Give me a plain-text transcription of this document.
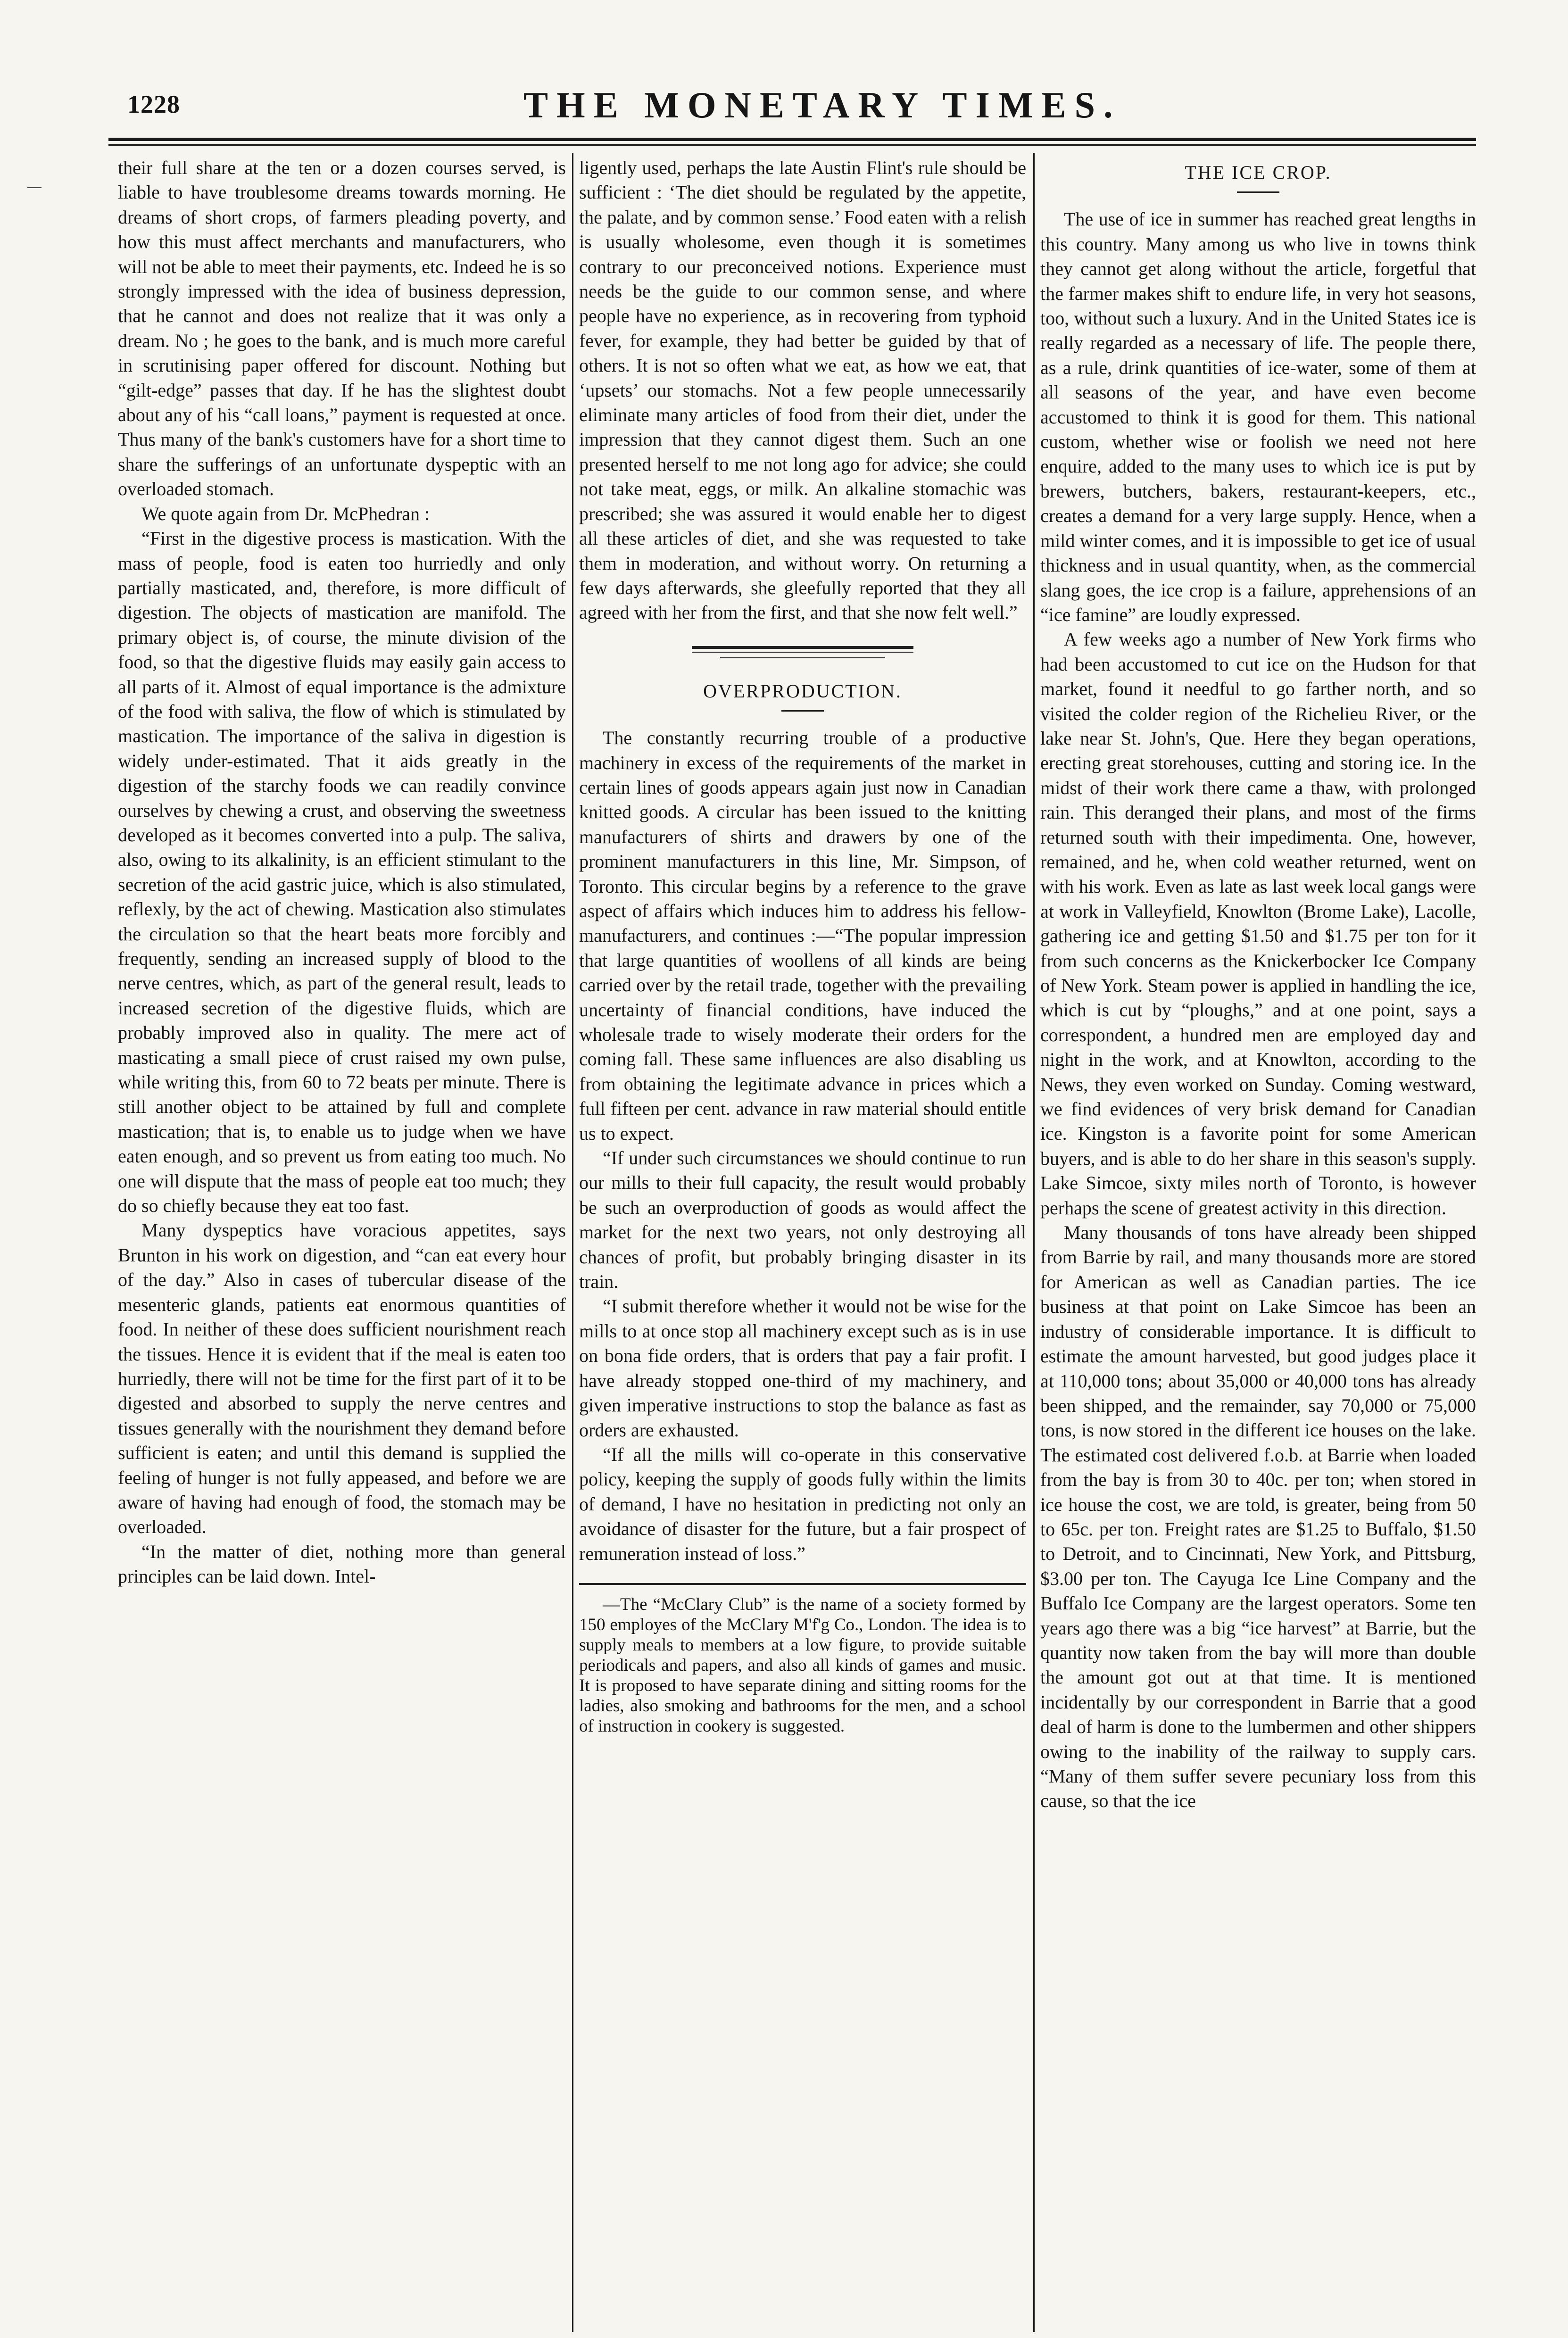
1228	THE MONETARY TIMES.

their full share at the ten or a dozen courses served, is liable to have troublesome dreams towards morning. He dreams of short crops, of farmers pleading poverty, and how this must affect merchants and manufacturers, who will not be able to meet their payments, etc. Indeed he is so strongly impressed with the idea of business depression, that he cannot and does not realize that it was only a dream. No ; he goes to the bank, and is much more careful in scrutinising paper offered for discount. Nothing but “gilt-edge” passes that day. If he has the slightest doubt about any of his “call loans,” payment is requested at once. Thus many of the bank's customers have for a short time to share the sufferings of an unfortunate dyspeptic with an overloaded stomach.

We quote again from Dr. McPhedran :

“First in the digestive process is mastication. With the mass of people, food is eaten too hurriedly and only partially masticated, and, therefore, is more difficult of digestion. The objects of mastication are manifold. The primary object is, of course, the minute division of the food, so that the digestive fluids may easily gain access to all parts of it. Almost of equal importance is the admixture of the food with saliva, the flow of which is stimulated by mastication. The importance of the saliva in digestion is widely under-estimated. That it aids greatly in the digestion of the starchy foods we can readily convince ourselves by chewing a crust, and observing the sweetness developed as it becomes converted into a pulp. The saliva, also, owing to its alkalinity, is an efficient stimulant to the secretion of the acid gastric juice, which is also stimulated, reflexly, by the act of chewing. Mastication also stimulates the circulation so that the heart beats more forcibly and frequently, sending an increased supply of blood to the nerve centres, which, as part of the general result, leads to increased secretion of the digestive fluids, which are probably improved also in quality. The mere act of masticating a small piece of crust raised my own pulse, while writing this, from 60 to 72 beats per minute. There is still another object to be attained by full and complete mastication; that is, to enable us to judge when we have eaten enough, and so prevent us from eating too much. No one will dispute that the mass of people eat too much; they do so chiefly because they eat too fast.

Many dyspeptics have voracious appetites, says Brunton in his work on digestion, and “can eat every hour of the day.” Also in cases of tubercular disease of the mesenteric glands, patients eat enormous quantities of food. In neither of these does sufficient nourishment reach the tissues. Hence it is evident that if the meal is eaten too hurriedly, there will not be time for the first part of it to be digested and absorbed to supply the nerve centres and tissues generally with the nourishment they demand before sufficient is eaten; and until this demand is supplied the feeling of hunger is not fully appeased, and before we are aware of having had enough of food, the stomach may be overloaded.

“In the matter of diet, nothing more than general principles can be laid down. Intel-

ligently used, perhaps the late Austin Flint's rule should be sufficient : ‘The diet should be regulated by the appetite, the palate, and by common sense.’ Food eaten with a relish is usually wholesome, even though it is sometimes contrary to our preconceived notions. Experience must needs be the guide to our common sense, and where people have no experience, as in recovering from typhoid fever, for example, they had better be guided by that of others. It is not so often what we eat, as how we eat, that ‘upsets’ our stomachs. Not a few people unnecessarily eliminate many articles of food from their diet, under the impression that they cannot digest them. Such an one presented herself to me not long ago for advice; she could not take meat, eggs, or milk. An alkaline stomachic was prescribed; she was assured it would enable her to digest all these articles of diet, and she was requested to take them in moderation, and without worry. On returning a few days afterwards, she gleefully reported that they all agreed with her from the first, and that she now felt well.”

OVERPRODUCTION.

The constantly recurring trouble of a productive machinery in excess of the requirements of the market in certain lines of goods appears again just now in Canadian knitted goods. A circular has been issued to the knitting manufacturers of shirts and drawers by one of the prominent manufacturers in this line, Mr. Simpson, of Toronto. This circular begins by a reference to the grave aspect of affairs which induces him to address his fellow-manufacturers, and continues :—“The popular impression that large quantities of woollens of all kinds are being carried over by the retail trade, together with the prevailing uncertainty of financial conditions, have induced the wholesale trade to wisely moderate their orders for the coming fall. These same influences are also disabling us from obtaining the legitimate advance in prices which a full fifteen per cent. advance in raw material should entitle us to expect.

“If under such circumstances we should continue to run our mills to their full capacity, the result would probably be such an overproduction of goods as would affect the market for the next two years, not only destroying all chances of profit, but probably bringing disaster in its train.

“I submit therefore whether it would not be wise for the mills to at once stop all machinery except such as is in use on bona fide orders, that is orders that pay a fair profit. I have already stopped one-third of my machinery, and given imperative instructions to stop the balance as fast as orders are exhausted.

“If all the mills will co-operate in this conservative policy, keeping the supply of goods fully within the limits of demand, I have no hesitation in predicting not only an avoidance of disaster for the future, but a fair prospect of remuneration instead of loss.”

—The “McClary Club” is the name of a society formed by 150 employes of the McClary M'f'g Co., London. The idea is to supply meals to members at a low figure, to provide suitable periodicals and papers, and also all kinds of games and music. It is proposed to have separate dining and sitting rooms for the ladies, also smoking and bathrooms for the men, and a school of instruction in cookery is suggested.

THE ICE CROP.

The use of ice in summer has reached great lengths in this country. Many among us who live in towns think they cannot get along without the article, forgetful that the farmer makes shift to endure life, in very hot seasons, too, without such a luxury. And in the United States ice is really regarded as a necessary of life. The people there, as a rule, drink quantities of ice-water, some of them at all seasons of the year, and have even become accustomed to think it is good for them. This national custom, whether wise or foolish we need not here enquire, added to the many uses to which ice is put by brewers, butchers, bakers, restaurant-keepers, etc., creates a demand for a very large supply. Hence, when a mild winter comes, and it is impossible to get ice of usual thickness and in usual quantity, when, as the commercial slang goes, the ice crop is a failure, apprehensions of an “ice famine” are loudly expressed.

A few weeks ago a number of New York firms who had been accustomed to cut ice on the Hudson for that market, found it needful to go farther north, and so visited the colder region of the Richelieu River, or the lake near St. John's, Que. Here they began operations, erecting great storehouses, cutting and storing ice. In the midst of their work there came a thaw, with prolonged rain. This deranged their plans, and most of the firms returned south with their impedimenta. One, however, remained, and he, when cold weather returned, went on with his work. Even as late as last week local gangs were at work in Valleyfield, Knowlton (Brome Lake), Lacolle, gathering ice and getting $1.50 and $1.75 per ton for it from such concerns as the Knickerbocker Ice Company of New York. Steam power is applied in handling the ice, which is cut by “ploughs,” and at one point, says a correspondent, a hundred men are employed day and night in the work, and at Knowlton, according to the News, they even worked on Sunday. Coming westward, we find evidences of very brisk demand for Canadian ice. Kingston is a favorite point for some American buyers, and is able to do her share in this season's supply. Lake Simcoe, sixty miles north of Toronto, is however perhaps the scene of greatest activity in this direction.

Many thousands of tons have already been shipped from Barrie by rail, and many thousands more are stored for American as well as Canadian parties. The ice business at that point on Lake Simcoe has been an industry of considerable importance. It is difficult to estimate the amount harvested, but good judges place it at 110,000 tons; about 35,000 or 40,000 tons has already been shipped, and the remainder, say 70,000 or 75,000 tons, is now stored in the different ice houses on the lake. The estimated cost delivered f.o.b. at Barrie when loaded from the bay is from 30 to 40c. per ton; when stored in ice house the cost, we are told, is greater, being from 50 to 65c. per ton. Freight rates are $1.25 to Buffalo, $1.50 to Detroit, and to Cincinnati, New York, and Pittsburg, $3.00 per ton. The Cayuga Ice Line Company and the Buffalo Ice Company are the largest operators. Some ten years ago there was a big “ice harvest” at Barrie, but the quantity now taken from the bay will more than double the amount got out at that time. It is mentioned incidentally by our correspondent in Barrie that a good deal of harm is done to the lumbermen and other shippers owing to the inability of the railway to supply cars. “Many of them suffer severe pecuniary loss from this cause, so that the ice
